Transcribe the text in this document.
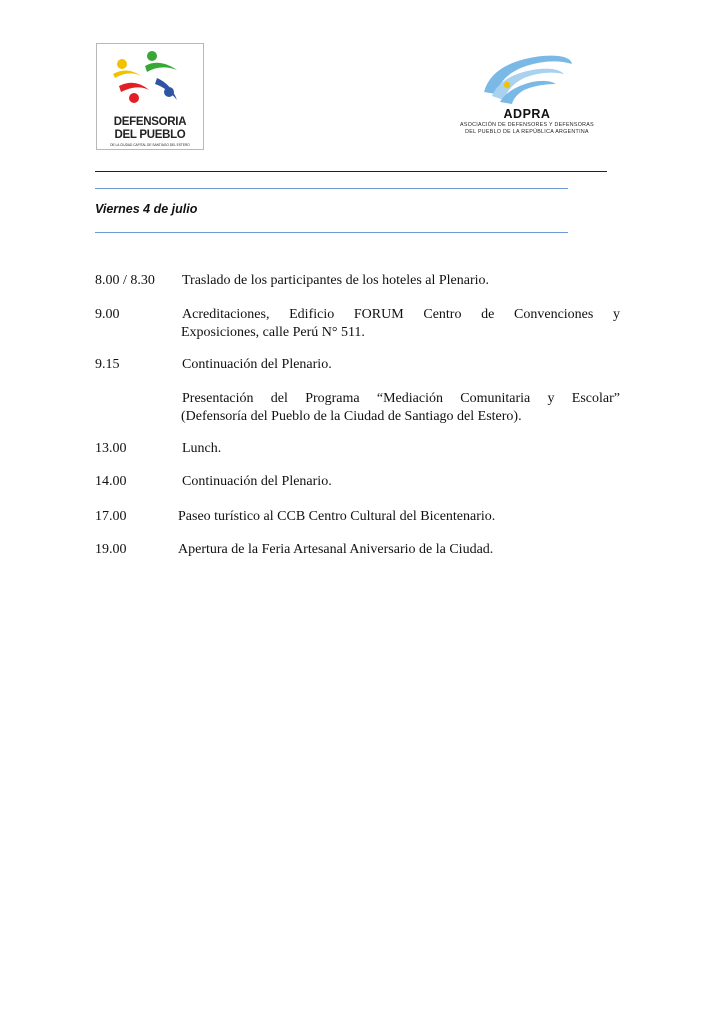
DEFENSORIA
DEL PUEBLO
DE LA CIUDAD CAPITAL DE SANTIAGO DEL ESTERO
ADPRA
ASOCIACIÓN DE DEFENSORES Y DEFENSORAS
DEL PUEBLO DE LA REPÚBLICA ARGENTINA
Viernes 4 de julio
8.00 / 8.30 Traslado de los participantes de los hoteles al Plenario.
9.00	Acreditaciones, Edificio FORUM Centro de Convenciones y
Exposiciones, calle Perú N° 511.
9.15	Continuación del Plenario.
Presentación del Programa “Mediación Comunitaria y Escolar”
(Defensoría del Pueblo de la Ciudad de Santiago del Estero).
13.00	Lunch.
14.00	Continuación del Plenario.
17.00	Paseo turístico al CCB Centro Cultural del Bicentenario.
19.00	Apertura de la Feria Artesanal Aniversario de la Ciudad.
